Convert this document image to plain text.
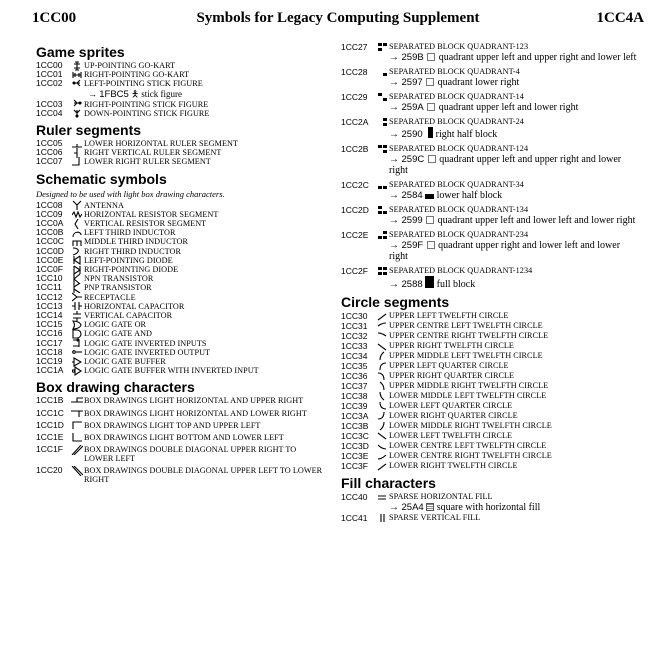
1CC00	Symbols for Legacy Computing Supplement	1CC4A
Game sprites
1CC00	UP-POINTING GO-KART
1CC01	RIGHT-POINTING GO-KART
1CC02	LEFT-POINTING STICK FIGURE
→ 1FBC5 🯅 stick figure
1CC03	RIGHT-POINTING STICK FIGURE
1CC04	DOWN-POINTING STICK FIGURE
Ruler segments
1CC05	LOWER HORIZONTAL RULER SEGMENT
1CC06	RIGHT VERTICAL RULER SEGMENT
1CC07	LOWER RIGHT RULER SEGMENT
Schematic symbols
Designed to be used with light box drawing characters.
1CC08	ANTENNA
1CC09	HORIZONTAL RESISTOR SEGMENT
1CC0A	VERTICAL RESISTOR SEGMENT
1CC0B	LEFT THIRD INDUCTOR
1CC0C	MIDDLE THIRD INDUCTOR
1CC0D	RIGHT THIRD INDUCTOR
1CC0E	LEFT-POINTING DIODE
1CC0F	RIGHT-POINTING DIODE
1CC10	NPN TRANSISTOR
1CC11	PNP TRANSISTOR
1CC12	RECEPTACLE
1CC13	HORIZONTAL CAPACITOR
1CC14	VERTICAL CAPACITOR
1CC15	LOGIC GATE OR
1CC16	LOGIC GATE AND
1CC17	LOGIC GATE INVERTED INPUTS
1CC18	LOGIC GATE INVERTED OUTPUT
1CC19	LOGIC GATE BUFFER
1CC1A	LOGIC GATE BUFFER WITH INVERTED INPUT
Box drawing characters
1CC1B	BOX DRAWINGS LIGHT HORIZONTAL AND UPPER RIGHT
1CC1C	BOX DRAWINGS LIGHT HORIZONTAL AND LOWER RIGHT
1CC1D	BOX DRAWINGS LIGHT TOP AND UPPER LEFT
1CC1E	BOX DRAWINGS LIGHT BOTTOM AND LOWER LEFT
1CC1F	BOX DRAWINGS DOUBLE DIAGONAL UPPER RIGHT TO LOWER LEFT
1CC20	BOX DRAWINGS DOUBLE DIAGONAL UPPER LEFT TO LOWER RIGHT
1CC27	SEPARATED BLOCK QUADRANT-123
→ 259B quadrant upper left and upper right and lower left
1CC28	SEPARATED BLOCK QUADRANT-4
→ 2597 quadrant lower right
1CC29	SEPARATED BLOCK QUADRANT-14
→ 259A quadrant upper left and lower right
1CC2A	SEPARATED BLOCK QUADRANT-24
→ 2590 right half block
1CC2B	SEPARATED BLOCK QUADRANT-124
→ 259C quadrant upper left and upper right and lower right
1CC2C	SEPARATED BLOCK QUADRANT-34
→ 2584 lower half block
1CC2D	SEPARATED BLOCK QUADRANT-134
→ 2599 quadrant upper left and lower left and lower right
1CC2E	SEPARATED BLOCK QUADRANT-234
→ 259F quadrant upper right and lower left and lower right
1CC2F	SEPARATED BLOCK QUADRANT-1234
→ 2588 full block
Circle segments
1CC30	UPPER LEFT TWELFTH CIRCLE
1CC31	UPPER CENTRE LEFT TWELFTH CIRCLE
1CC32	UPPER CENTRE RIGHT TWELFTH CIRCLE
1CC33	UPPER RIGHT TWELFTH CIRCLE
1CC34	UPPER MIDDLE LEFT TWELFTH CIRCLE
1CC35	UPPER LEFT QUARTER CIRCLE
1CC36	UPPER RIGHT QUARTER CIRCLE
1CC37	UPPER MIDDLE RIGHT TWELFTH CIRCLE
1CC38	LOWER MIDDLE LEFT TWELFTH CIRCLE
1CC39	LOWER LEFT QUARTER CIRCLE
1CC3A	LOWER RIGHT QUARTER CIRCLE
1CC3B	LOWER MIDDLE RIGHT TWELFTH CIRCLE
1CC3C	LOWER LEFT TWELFTH CIRCLE
1CC3D	LOWER CENTRE LEFT TWELFTH CIRCLE
1CC3E	LOWER CENTRE RIGHT TWELFTH CIRCLE
1CC3F	LOWER RIGHT TWELFTH CIRCLE
Fill characters
1CC40	SPARSE HORIZONTAL FILL
→ 25A4 square with horizontal fill
1CC41	SPARSE VERTICAL FILL
